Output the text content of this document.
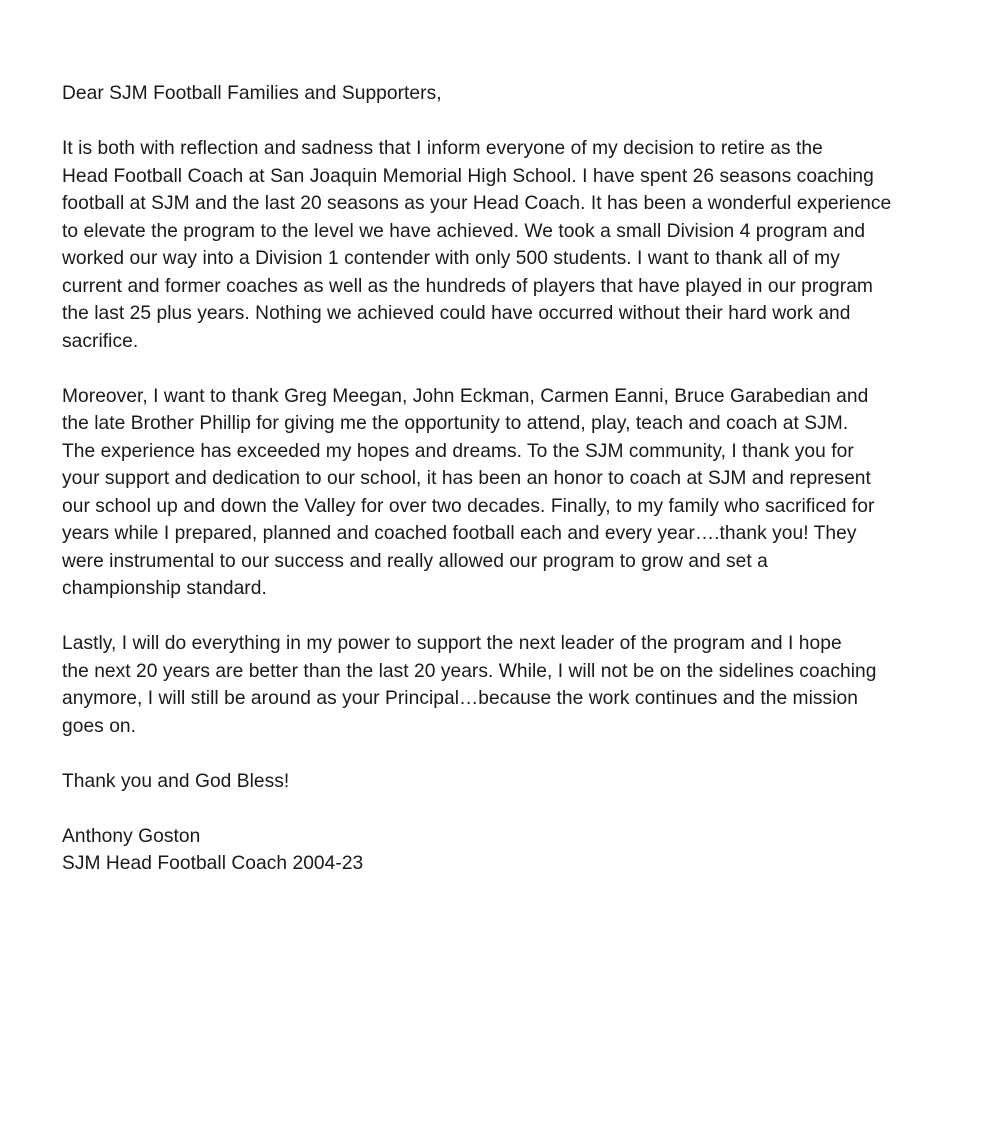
Dear SJM Football Families and Supporters,
It is both with reflection and sadness that I inform everyone of my decision to retire as the
Head Football Coach at San Joaquin Memorial High School. I have spent 26 seasons coaching
football at SJM and the last 20 seasons as your Head Coach. It has been a wonderful experience
to elevate the program to the level we have achieved. We took a small Division 4 program and
worked our way into a Division 1 contender with only 500 students. I want to thank all of my
current and former coaches as well as the hundreds of players that have played in our program
the last 25 plus years. Nothing we achieved could have occurred without their hard work and
sacrifice.
Moreover, I want to thank Greg Meegan, John Eckman, Carmen Eanni, Bruce Garabedian and
the late Brother Phillip for giving me the opportunity to attend, play, teach and coach at SJM.
The experience has exceeded my hopes and dreams. To the SJM community, I thank you for
your support and dedication to our school, it has been an honor to coach at SJM and represent
our school up and down the Valley for over two decades. Finally, to my family who sacrificed for
years while I prepared, planned and coached football each and every year….thank you! They
were instrumental to our success and really allowed our program to grow and set a
championship standard.
Lastly, I will do everything in my power to support the next leader of the program and I hope
the next 20 years are better than the last 20 years. While, I will not be on the sidelines coaching
anymore, I will still be around as your Principal…because the work continues and the mission
goes on.
Thank you and God Bless!
Anthony Goston
SJM Head Football Coach 2004-23
